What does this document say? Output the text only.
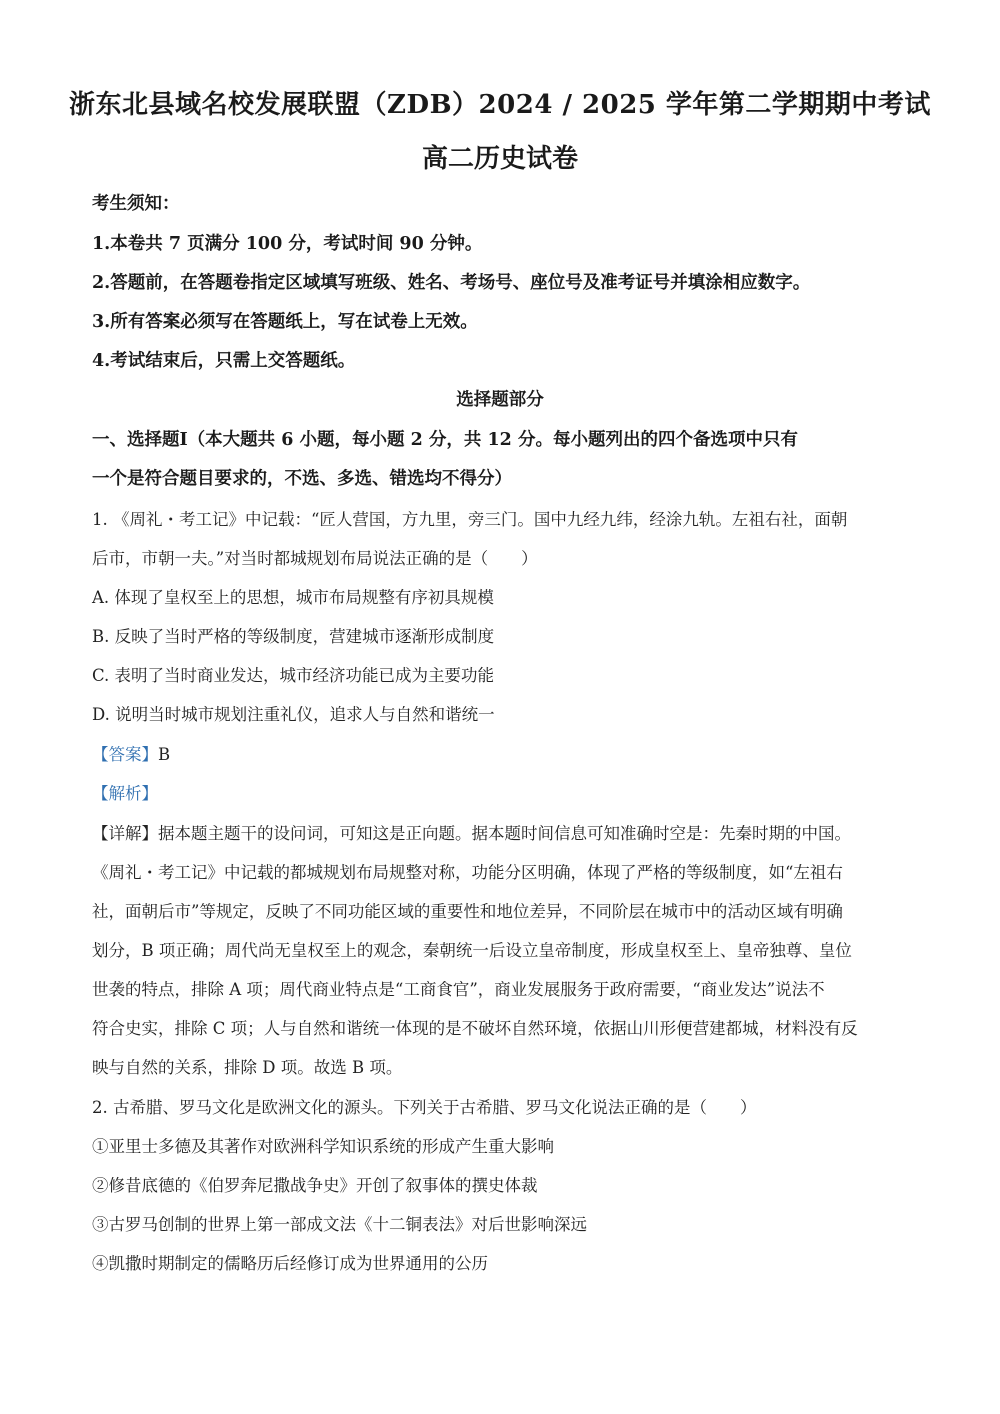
浙东北县域名校发展联盟（ZDB）2024 / 2025 学年第二学期期中考试
高二历史试卷
考生须知：
1.本卷共 7 页满分 100 分，考试时间 90 分钟。
2.答题前，在答题卷指定区域填写班级、姓名、考场号、座位号及准考证号并填涂相应数字。
3.所有答案必须写在答题纸上，写在试卷上无效。
4.考试结束后，只需上交答题纸。
选择题部分
一、选择题Ⅰ（本大题共 6 小题，每小题 2 分，共 12 分。每小题列出的四个备选项中只有
一个是符合题目要求的，不选、多选、错选均不得分）
1. 《周礼・考工记》中记载：“匠人营国，方九里，旁三门。国中九经九纬，经涂九轨。左祖右社，面朝
后市，市朝一夫。”对当时都城规划布局说法正确的是（　　）
A. 体现了皇权至上的思想，城市布局规整有序初具规模
B. 反映了当时严格的等级制度，营建城市逐渐形成制度
C. 表明了当时商业发达，城市经济功能已成为主要功能
D. 说明当时城市规划注重礼仪，追求人与自然和谐统一
【答案】B
【解析】
【详解】据本题主题干的设问词，可知这是正向题。据本题时间信息可知准确时空是：先秦时期的中国。
《周礼・考工记》中记载的都城规划布局规整对称，功能分区明确，体现了严格的等级制度，如“左祖右
社，面朝后市”等规定，反映了不同功能区域的重要性和地位差异，不同阶层在城市中的活动区域有明确
划分，B 项正确；周代尚无皇权至上的观念，秦朝统一后设立皇帝制度，形成皇权至上、皇帝独尊、皇位
世袭的特点，排除 A 项；周代商业特点是“工商食官”，商业发展服务于政府需要，“商业发达”说法不
符合史实，排除 C 项；人与自然和谐统一体现的是不破坏自然环境，依据山川形便营建都城，材料没有反
映与自然的关系，排除 D 项。故选 B 项。
2. 古希腊、罗马文化是欧洲文化的源头。下列关于古希腊、罗马文化说法正确的是（　　）
①亚里士多德及其著作对欧洲科学知识系统的形成产生重大影响
②修昔底德的《伯罗奔尼撒战争史》开创了叙事体的撰史体裁
③古罗马创制的世界上第一部成文法《十二铜表法》对后世影响深远
④凯撒时期制定的儒略历后经修订成为世界通用的公历
